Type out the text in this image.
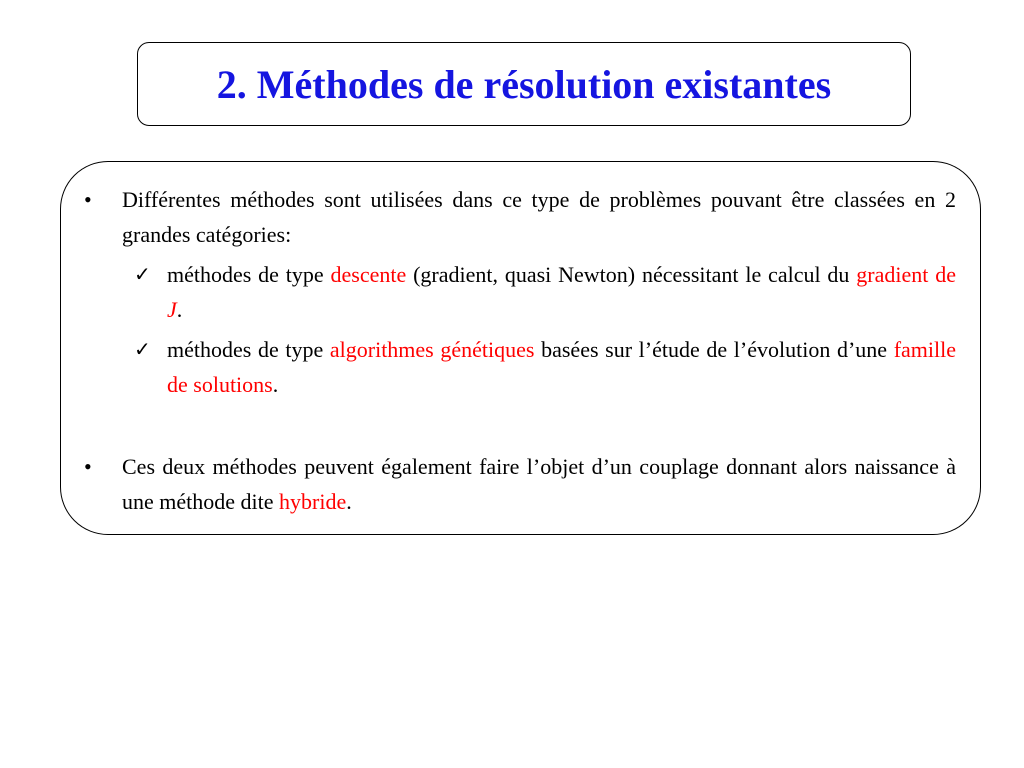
2. Méthodes de résolution existantes
• Différentes méthodes sont utilisées dans ce type de problèmes pouvant être classées en 2 grandes catégories:
✓ méthodes de type descente (gradient, quasi Newton) nécessitant le calcul du gradient de J.
✓ méthodes de type algorithmes génétiques basées sur l’étude de l’évolution d’une famille de solutions.
• Ces deux méthodes peuvent également faire l’objet d’un couplage donnant alors naissance à une méthode dite hybride.
